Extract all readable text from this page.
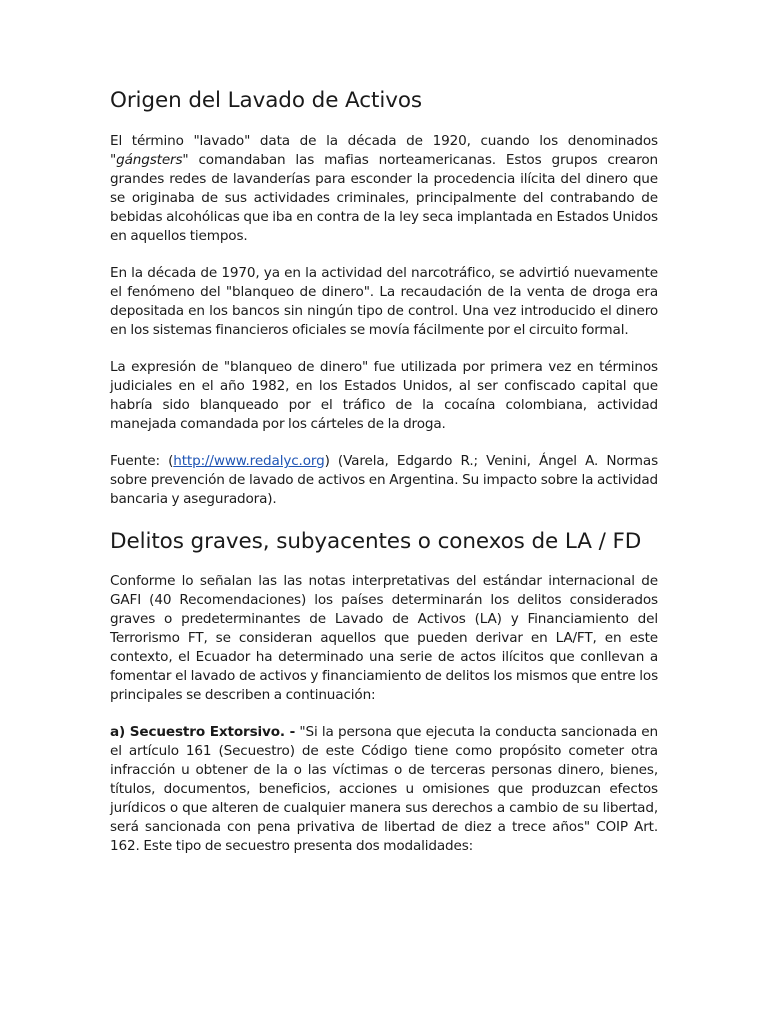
Origen del Lavado de Activos

El término "lavado" data de la década de 1920, cuando los denominados "gángsters" comandaban las mafias norteamericanas. Estos grupos crearon grandes redes de lavanderías para esconder la procedencia ilícita del dinero que se originaba de sus actividades criminales, principalmente del contrabando de bebidas alcohólicas que iba en contra de la ley seca implantada en Estados Unidos en aquellos tiempos.

En la década de 1970, ya en la actividad del narcotráfico, se advirtió nuevamente el fenómeno del "blanqueo de dinero". La recaudación de la venta de droga era depositada en los bancos sin ningún tipo de control. Una vez introducido el dinero en los sistemas financieros oficiales se movía fácilmente por el circuito formal.

La expresión de "blanqueo de dinero" fue utilizada por primera vez en términos judiciales en el año 1982, en los Estados Unidos, al ser confiscado capital que habría sido blanqueado por el tráfico de la cocaína colombiana, actividad manejada comandada por los cárteles de la droga.

Fuente: (http://www.redalyc.org) (Varela, Edgardo R.; Venini, Ángel A. Normas sobre prevención de lavado de activos en Argentina. Su impacto sobre la actividad bancaria y aseguradora).

Delitos graves, subyacentes o conexos de LA / FD

Conforme lo señalan las las notas interpretativas del estándar internacional de GAFI (40 Recomendaciones) los países determinarán los delitos considerados graves o predeterminantes de Lavado de Activos (LA) y Financiamiento del Terrorismo FT, se consideran aquellos que pueden derivar en LA/FT, en este contexto, el Ecuador ha determinado una serie de actos ilícitos que conllevan a fomentar el lavado de activos y financiamiento de delitos los mismos que entre los principales se describen a continuación:

a) Secuestro Extorsivo. - "Si la persona que ejecuta la conducta sancionada en el artículo 161 (Secuestro) de este Código tiene como propósito cometer otra infracción u obtener de la o las víctimas o de terceras personas dinero, bienes, títulos, documentos, beneficios, acciones u omisiones que produzcan efectos jurídicos o que alteren de cualquier manera sus derechos a cambio de su libertad, será sancionada con pena privativa de libertad de diez a trece años" COIP Art. 162. Este tipo de secuestro presenta dos modalidades:
